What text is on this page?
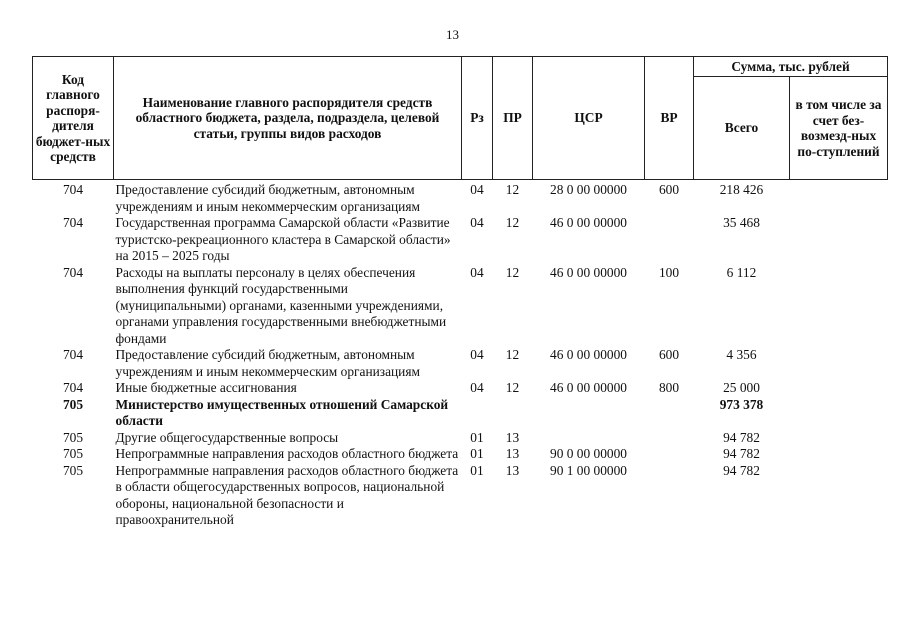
13
Код главного распоря-дителя бюджет-ных средств	Наименование главного распорядителя средств областного бюджета, раздела, подраздела, целевой статьи, группы видов расходов	Рз	ПР	ЦСР	ВР	Сумма, тыс. рублей	
						Всего	в том числе за счет без-возмезд-ных по-ступлений
704	Предоставление субсидий бюджетным, автономным учреждениям и иным некоммерческим организациям	04	12	28 0 00 00000	600	218 426	
704	Государственная программа Самарской области «Развитие туристско-рекреационного кластера в Самарской области» на 2015 – 2025 годы	04	12	46 0 00 00000		35 468	
704	Расходы на выплаты персоналу в целях обеспечения выполнения функций государственными (муниципальными) органами, казенными учреждениями, органами управления государственными внебюджетными фондами	04	12	46 0 00 00000	100	6 112	
704	Предоставление субсидий бюджетным, автономным учреждениям и иным некоммерческим организациям	04	12	46 0 00 00000	600	4 356	
704	Иные бюджетные ассигнования	04	12	46 0 00 00000	800	25 000	
705	Министерство имущественных отношений Самарской области					973 378	
705	Другие общегосударственные вопросы	01	13			94 782	
705	Непрограммные направления расходов областного бюджета	01	13	90 0 00 00000		94 782	
705	Непрограммные направления расходов областного бюджета в области общегосударственных вопросов, национальной обороны, национальной безопасности и правоохранительной	01	13	90 1 00 00000		94 782	
